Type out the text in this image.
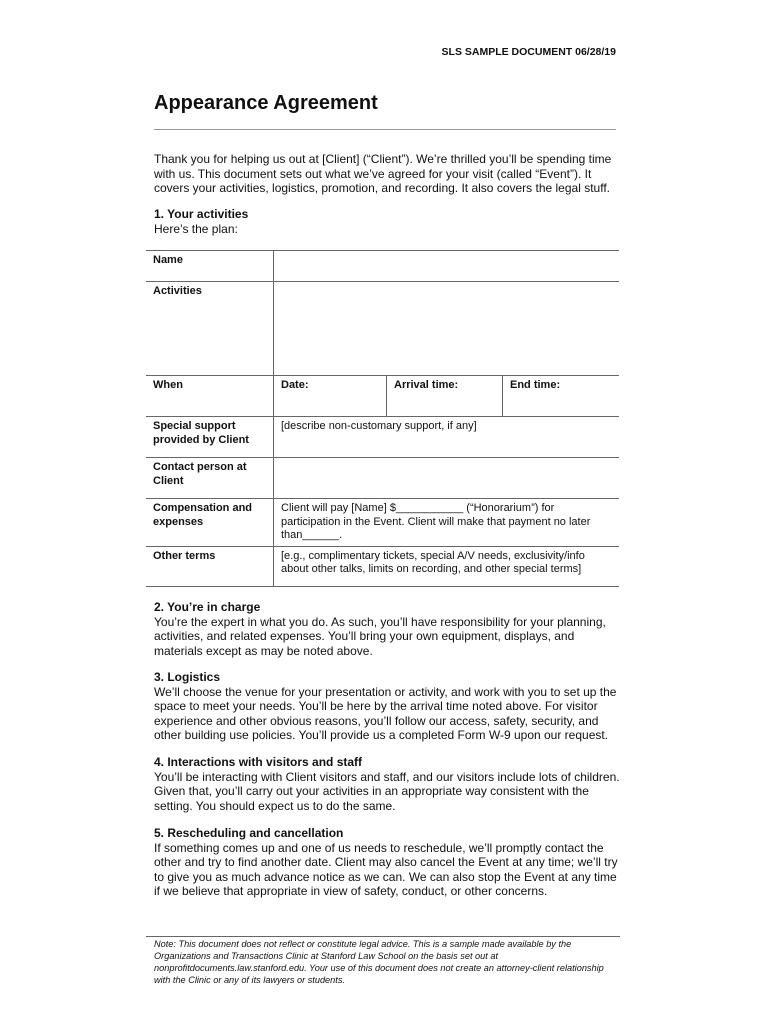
SLS SAMPLE DOCUMENT 06/28/19
Appearance Agreement

Thank you for helping us out at [Client] (“Client”). We’re thrilled you’ll be spending time with us. This document sets out what we’ve agreed for your visit (called “Event”). It covers your activities, logistics, promotion, and recording. It also covers the legal stuff.

1. Your activities
Here’s the plan:
Name			
Activities			
When	Date:	Arrival time:	End time:
Special support provided by Client	[describe non-customary support, if any]		
Contact person at Client			
Compensation and expenses	Client will pay [Name] $___________ (“Honorarium”) for participation in the Event. Client will make that payment no later than______.		
Other terms	[e.g., complimentary tickets, special A/V needs, exclusivity/info about other talks, limits on recording, and other special terms]		
2. You’re in charge
You’re the expert in what you do. As such, you’ll have responsibility for your planning, activities, and related expenses. You’ll bring your own equipment, displays, and materials except as may be noted above.
3. Logistics
We’ll choose the venue for your presentation or activity, and work with you to set up the space to meet your needs. You’ll be here by the arrival time noted above. For visitor experience and other obvious reasons, you’ll follow our access, safety, security, and other building use policies. You’ll provide us a completed Form W-9 upon our request.
4. Interactions with visitors and staff
You’ll be interacting with Client visitors and staff, and our visitors include lots of children. Given that, you’ll carry out your activities in an appropriate way consistent with the setting. You should expect us to do the same.
5. Rescheduling and cancellation
If something comes up and one of us needs to reschedule, we’ll promptly contact the other and try to find another date. Client may also cancel the Event at any time; we’ll try to give you as much advance notice as we can. We can also stop the Event at any time if we believe that appropriate in view of safety, conduct, or other concerns.

Note: This document does not reflect or constitute legal advice. This is a sample made available by the Organizations and Transactions Clinic at Stanford Law School on the basis set out at nonprofitdocuments.law.stanford.edu. Your use of this document does not create an attorney-client relationship with the Clinic or any of its lawyers or students.
